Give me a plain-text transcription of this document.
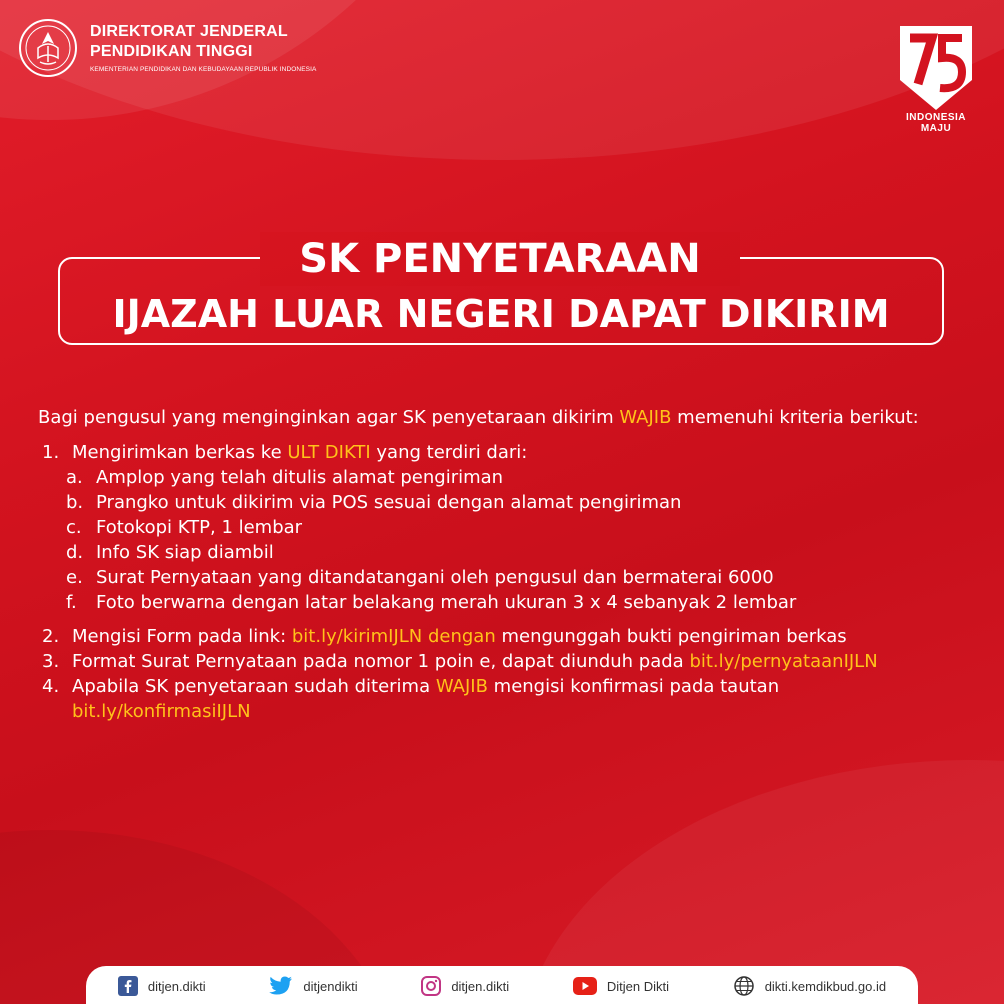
DIREKTORAT JENDERAL
PENDIDIKAN TINGGI
KEMENTERIAN PENDIDIKAN DAN KEBUDAYAAN REPUBLIK INDONESIA
INDONESIA
MAJU
SK PENYETARAAN
IJAZAH LUAR NEGERI DAPAT DIKIRIM

Bagi pengusul yang menginginkan agar SK penyetaraan dikirim WAJIB memenuhi kriteria berikut:

1. Mengirimkan berkas ke ULT DIKTI yang terdiri dari:
a. Amplop yang telah ditulis alamat pengiriman
b. Prangko untuk dikirim via POS sesuai dengan alamat pengiriman
c. Fotokopi KTP, 1 lembar
d. Info SK siap diambil
e. Surat Pernyataan yang ditandatangani oleh pengusul dan bermaterai 6000
f.	Foto berwarna dengan latar belakang merah ukuran 3 x 4 sebanyak 2 lembar
2. Mengisi Form pada link: bit.ly/kirimIJLN dengan mengunggah bukti pengiriman berkas
3. Format Surat Pernyataan pada nomor 1 poin e, dapat diunduh pada bit.ly/pernyataanIJLN
4. Apabila SK penyetaraan sudah diterima WAJIB mengisi konfirmasi pada tautan
bit.ly/konfirmasiIJLN
ditjen.dikti	ditjendikti	ditjen.dikti	Ditjen Dikti	dikti.kemdikbud.go.id
